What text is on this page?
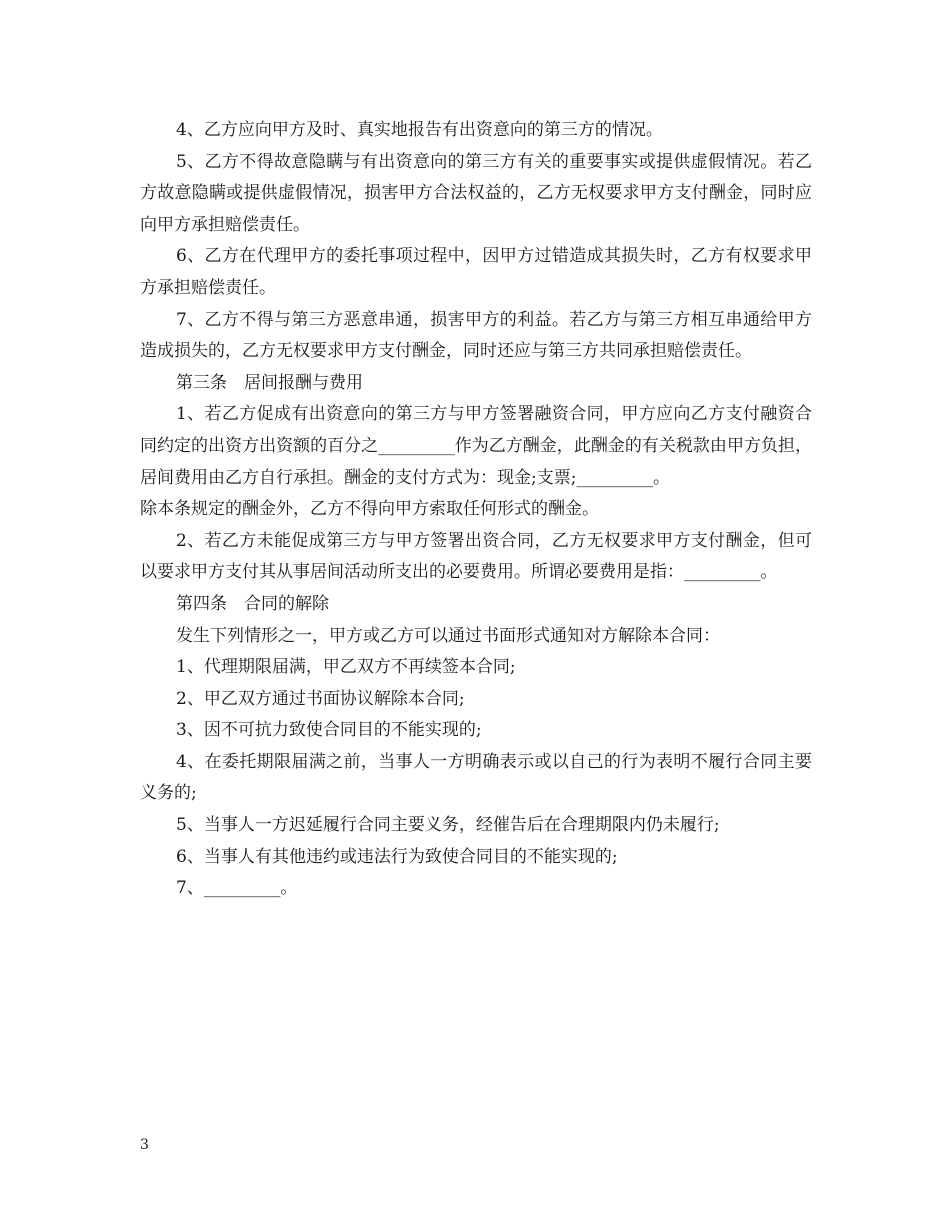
4、乙方应向甲方及时、真实地报告有出资意向的第三方的情况。

5、乙方不得故意隐瞒与有出资意向的第三方有关的重要事实或提供虚假情况。若乙方故意隐瞒或提供虚假情况，损害甲方合法权益的，乙方无权要求甲方支付酬金，同时应向甲方承担赔偿责任。

6、乙方在代理甲方的委托事项过程中，因甲方过错造成其损失时，乙方有权要求甲方承担赔偿责任。

7、乙方不得与第三方恶意串通，损害甲方的利益。若乙方与第三方相互串通给甲方造成损失的，乙方无权要求甲方支付酬金，同时还应与第三方共同承担赔偿责任。

第三条　居间报酬与费用

1、若乙方促成有出资意向的第三方与甲方签署融资合同，甲方应向乙方支付融资合同约定的出资方出资额的百分之_________作为乙方酬金，此酬金的有关税款由甲方负担，居间费用由乙方自行承担。酬金的支付方式为：现金;支票;_________。

除本条规定的酬金外，乙方不得向甲方索取任何形式的酬金。

2、若乙方未能促成第三方与甲方签署出资合同，乙方无权要求甲方支付酬金，但可以要求甲方支付其从事居间活动所支出的必要费用。所谓必要费用是指：_________。

第四条　合同的解除

发生下列情形之一，甲方或乙方可以通过书面形式通知对方解除本合同：

1、代理期限届满，甲乙双方不再续签本合同;

2、甲乙双方通过书面协议解除本合同;

3、因不可抗力致使合同目的不能实现的;

4、在委托期限届满之前，当事人一方明确表示或以自己的行为表明不履行合同主要义务的;

5、当事人一方迟延履行合同主要义务，经催告后在合理期限内仍未履行;

6、当事人有其他违约或违法行为致使合同目的不能实现的;

7、_________。

3
